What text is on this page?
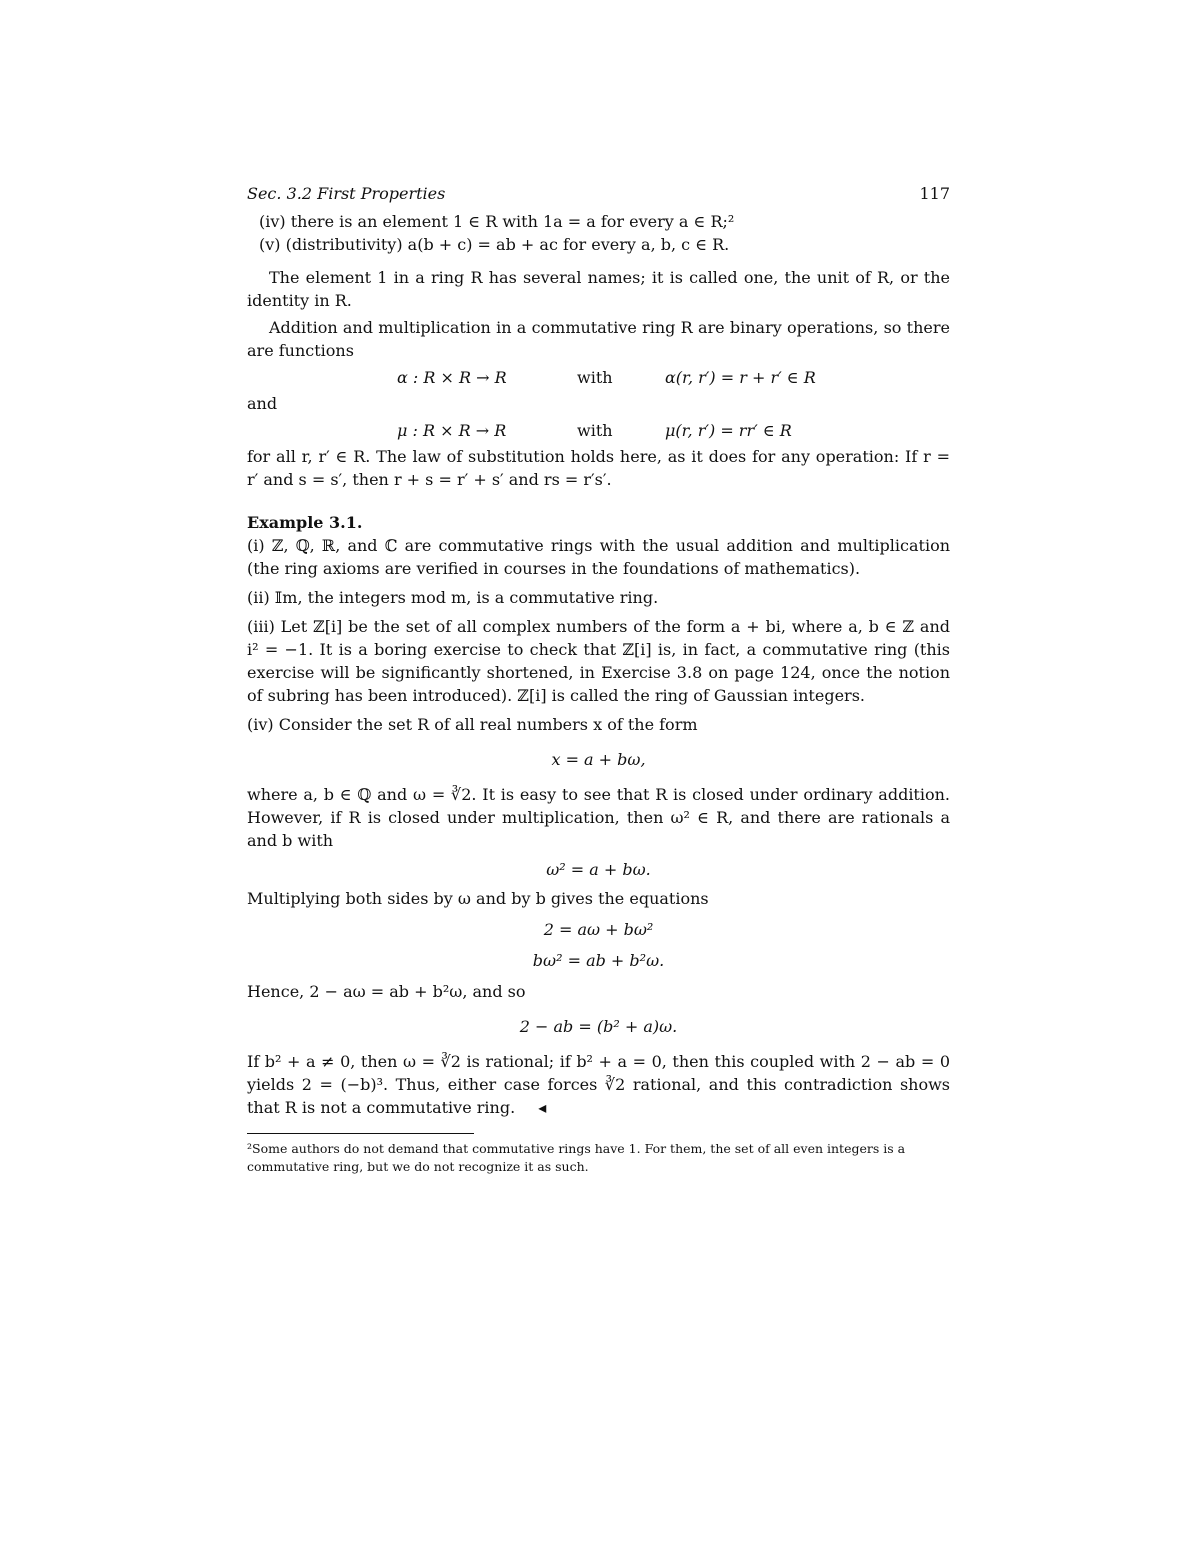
Sec. 3.2 First Properties	117
(iv) there is an element 1 ∈ R with 1a = a for every a ∈ R;²
(v) (distributivity) a(b + c) = ab + ac for every a, b, c ∈ R.
The element 1 in a ring R has several names; it is called one, the unit of R, or the identity in R.
Addition and multiplication in a commutative ring R are binary operations, so there are functions
α : R × R → R	with	α(r, r′) = r + r′ ∈ R
and
μ : R × R → R	with	μ(r, r′) = rr′ ∈ R
for all r, r′ ∈ R. The law of substitution holds here, as it does for any operation: If r = r′ and s = s′, then r + s = r′ + s′ and rs = r′s′.
Example 3.1.
(i) ℤ, ℚ, ℝ, and ℂ are commutative rings with the usual addition and multiplication (the ring axioms are verified in courses in the foundations of mathematics).
(ii) 𝕀m, the integers mod m, is a commutative ring.
(iii) Let ℤ[i] be the set of all complex numbers of the form a + bi, where a, b ∈ ℤ and i² = −1. It is a boring exercise to check that ℤ[i] is, in fact, a commutative ring (this exercise will be significantly shortened, in Exercise 3.8 on page 124, once the notion of subring has been introduced). ℤ[i] is called the ring of Gaussian integers.
(iv) Consider the set R of all real numbers x of the form
x = a + bω,
where a, b ∈ ℚ and ω = ∛2. It is easy to see that R is closed under ordinary addition. However, if R is closed under multiplication, then ω² ∈ R, and there are rationals a and b with
ω² = a + bω.
Multiplying both sides by ω and by b gives the equations
2 = aω + bω²
bω² = ab + b²ω.
Hence, 2 − aω = ab + b²ω, and so
2 − ab = (b² + a)ω.
If b² + a ≠ 0, then ω = ∛2 is rational; if b² + a = 0, then this coupled with 2 − ab = 0 yields 2 = (−b)³. Thus, either case forces ∛2 rational, and this contradiction shows that R is not a commutative ring. ◂
²Some authors do not demand that commutative rings have 1. For them, the set of all even integers is a commutative ring, but we do not recognize it as such.
